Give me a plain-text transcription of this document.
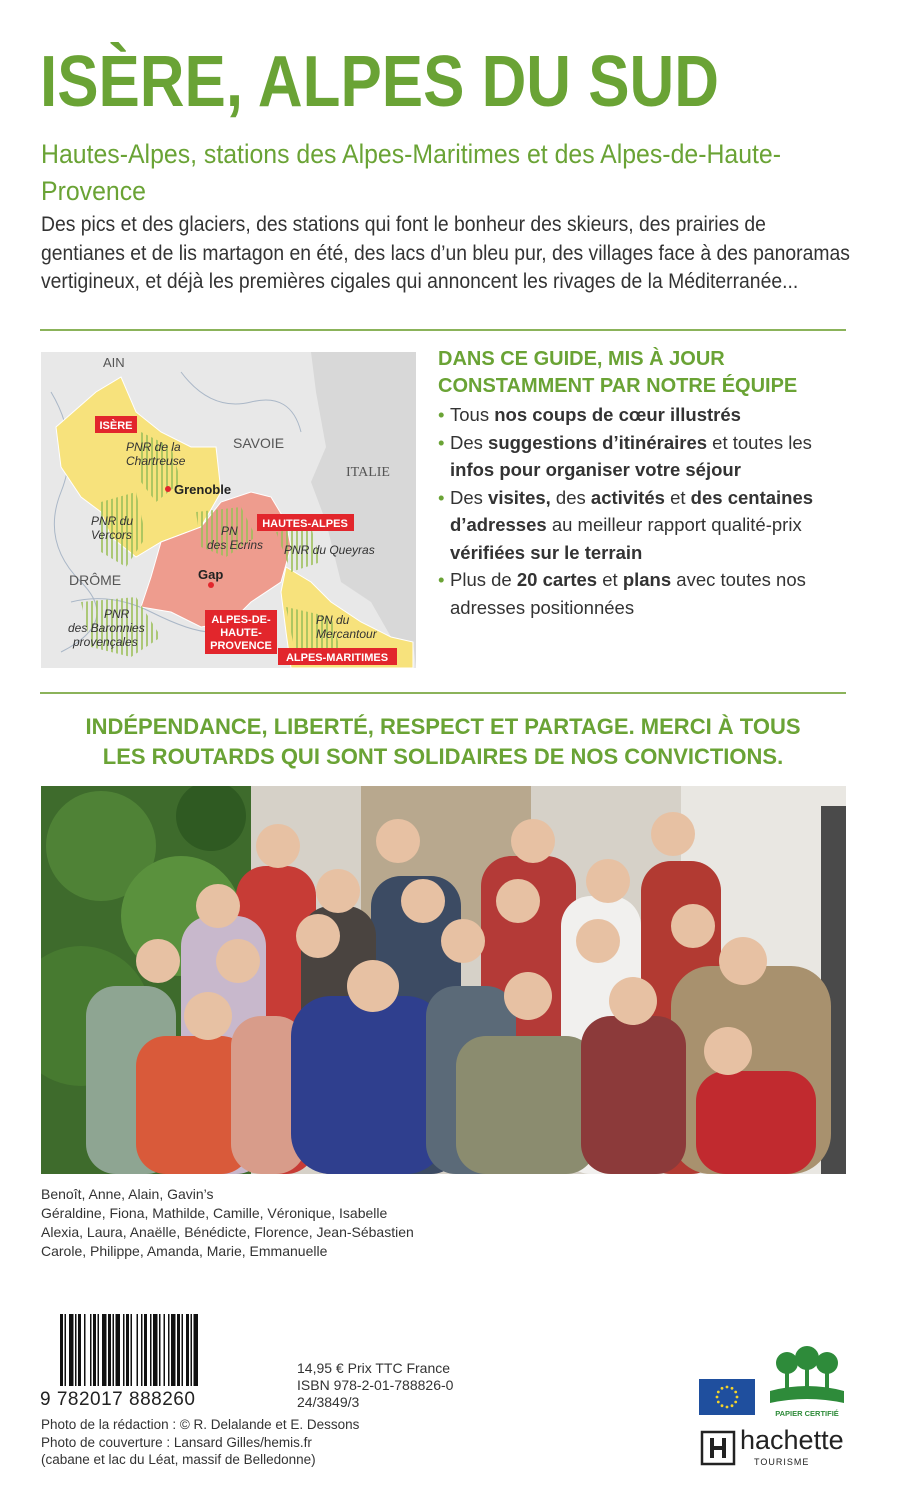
ISÈRE, ALPES DU SUD
Hautes-Alpes, stations des Alpes-Maritimes et des Alpes-de-Haute-Provence
Des pics et des glaciers, des stations qui font le bonheur des skieurs, des prairies de gentianes et de lis martagon en été, des lacs d’un bleu pur, des villages face à des panoramas vertigineux, et déjà les premières cigales qui annoncent les rivages de la Méditerranée...
AIN
SAVOIE
ITALIE
DRÔME
PNR de la
Chartreuse
PNR du
Vercors	PN
des Ecrins PNR du Queyras
PNR
des Baronnies
provençales
PN du
Mercantour
Grenoble
Gap
ISÈRE
HAUTES-ALPES
ALPES-DE-
HAUTE-
PROVENCE
ALPES-MARITIMES
DANS CE GUIDE, MIS À JOUR
CONSTAMMENT PAR NOTRE ÉQUIPE
• Tous nos coups de cœur illustrés
• Des suggestions d’itinéraires et toutes les infos pour organiser votre séjour
• Des visites, des activités et des centaines d’adresses au meilleur rapport qualité-prix vérifiées sur le terrain
• Plus de 20 cartes et plans avec toutes nos adresses positionnées
INDÉPENDANCE, LIBERTÉ, RESPECT ET PARTAGE. MERCI À TOUS
LES ROUTARDS QUI SONT SOLIDAIRES DE NOS CONVICTIONS.
Benoît, Anne, Alain, Gavin’s
Géraldine, Fiona, Mathilde, Camille, Véronique, Isabelle
Alexia, Laura, Anaëlle, Bénédicte, Florence, Jean-Sébastien
Carole, Philippe, Amanda, Marie, Emmanuelle
9 782017 888260
14,95 € Prix TTC France
ISBN 978-2-01-788826-0
24/3849/3
Photo de la rédaction : © R. Delalande et E. Dessons
Photo de couverture : Lansard Gilles/hemis.fr
(cabane et lac du Léat, massif de Belledonne)
PAPIER CERTIFIÉ
hachette
TOURISME
